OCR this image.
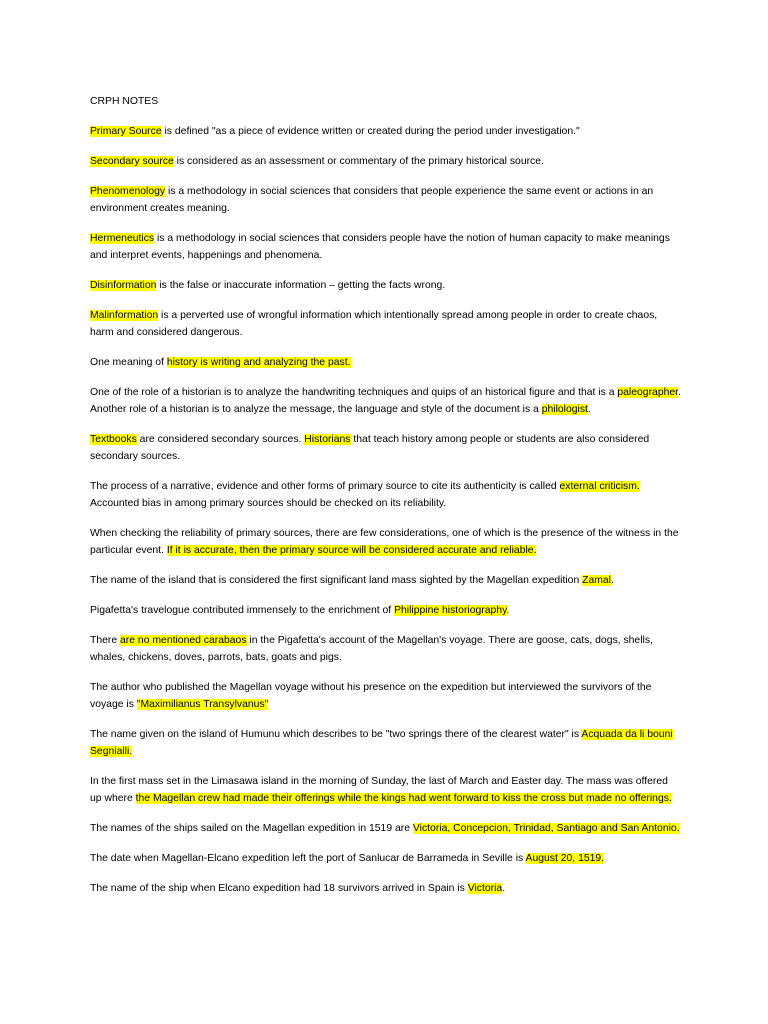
CRPH NOTES

Primary Source is defined "as a piece of evidence written or created during the period under investigation."

Secondary source is considered as an assessment or commentary of the primary historical source.

Phenomenology is a methodology in social sciences that considers that people experience the same event or actions in an environment creates meaning.

Hermeneutics is a methodology in social sciences that considers people have the notion of human capacity to make meanings and interpret events, happenings and phenomena.

Disinformation is the false or inaccurate information – getting the facts wrong.

Malinformation is a perverted use of wrongful information which intentionally spread among people in order to create chaos, harm and considered dangerous.

One meaning of history is writing and analyzing the past.

One of the role of a historian is to analyze the handwriting techniques and quips of an historical figure and that is a paleographer. Another role of a historian is to analyze the message, the language and style of the document is a philologist.

Textbooks are considered secondary sources. Historians that teach history among people or students are also considered secondary sources.

The process of a narrative, evidence and other forms of primary source to cite its authenticity is called external criticism. Accounted bias in among primary sources should be checked on its reliability.

When checking the reliability of primary sources, there are few considerations, one of which is the presence of the witness in the particular event. If it is accurate, then the primary source will be considered accurate and reliable.

The name of the island that is considered the first significant land mass sighted by the Magellan expedition Zamal.

Pigafetta's travelogue contributed immensely to the enrichment of Philippine historiography.

There are no mentioned carabaos in the Pigafetta's account of the Magellan's voyage. There are goose, cats, dogs, shells, whales, chickens, doves, parrots, bats, goats and pigs.

The author who published the Magellan voyage without his presence on the expedition but interviewed the survivors of the voyage is "Maximilianus Transylvanus"

The name given on the island of Humunu which describes to be "two springs there of the clearest water" is Acquada da li bouni Segnialli.

In the first mass set in the Limasawa island in the morning of Sunday, the last of March and Easter day. The mass was offered up where the Magellan crew had made their offerings while the kings had went forward to kiss the cross but made no offerings.

The names of the ships sailed on the Magellan expedition in 1519 are Victoria, Concepcion, Trinidad, Santiago and San Antonio.

The date when Magellan-Elcano expedition left the port of Sanlucar de Barrameda in Seville is August 20, 1519.

The name of the ship when Elcano expedition had 18 survivors arrived in Spain is Victoria.
